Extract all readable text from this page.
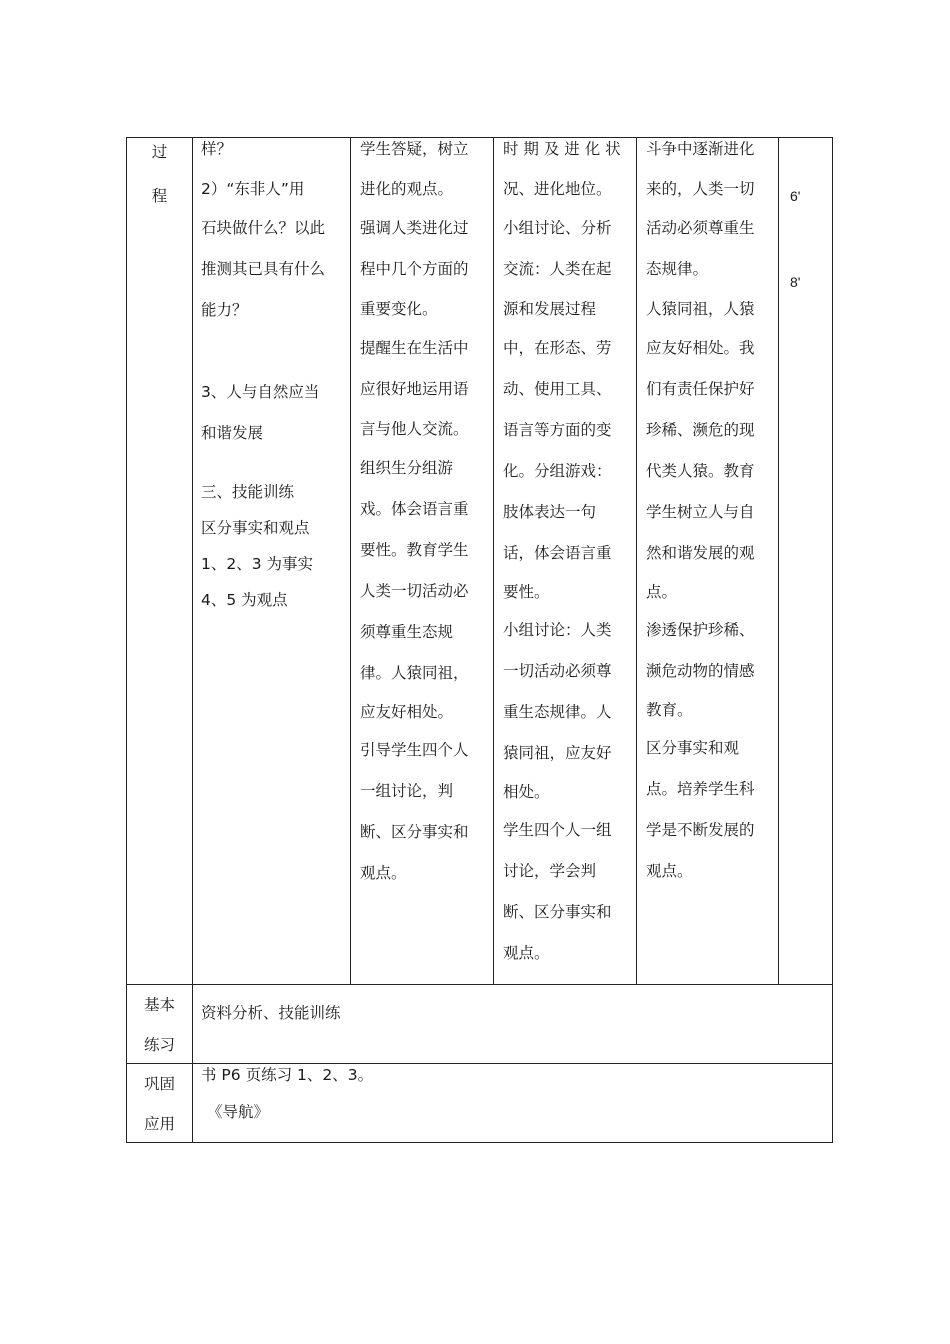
过
程
样？
2）“东非人”用
石块做什么？以此
推测其已具有什么
能力？
3、人与自然应当
和谐发展
三、技能训练
区分事实和观点
1、2、3 为事实
4、5 为观点
学生答疑，树立
进化的观点。
强调人类进化过
程中几个方面的
重要变化。
提醒生在生活中
应很好地运用语
言与他人交流。
组织生分组游
戏。体会语言重
要性。教育学生
人类一切活动必
须尊重生态规
律。人猿同祖，
应友好相处。
引导学生四个人
一组讨论，判
断、区分事实和
观点。
时 期 及 进 化 状
况、进化地位。
小组讨论、分析
交流：人类在起
源和发展过程
中，在形态、劳
动、使用工具、
语言等方面的变
化。分组游戏：
肢体表达一句
话，体会语言重
要性。
小组讨论：人类
一切活动必须尊
重生态规律。人
猿同祖，应友好
相处。
学生四个人一组
讨论，学会判
断、区分事实和
观点。
斗争中逐渐进化
来的，人类一切
活动必须尊重生
态规律。
人猿同祖，人猿
应友好相处。我
们有责任保护好
珍稀、濒危的现
代类人猿。教育
学生树立人与自
然和谐发展的观
点。
渗透保护珍稀、
濒危动物的情感
教育。
区分事实和观
点。培养学生科
学是不断发展的
观点。
6'
8'
基本
练习
资料分析、技能训练
巩固
应用
书 P6 页练习 1、2、3。
《导航》
